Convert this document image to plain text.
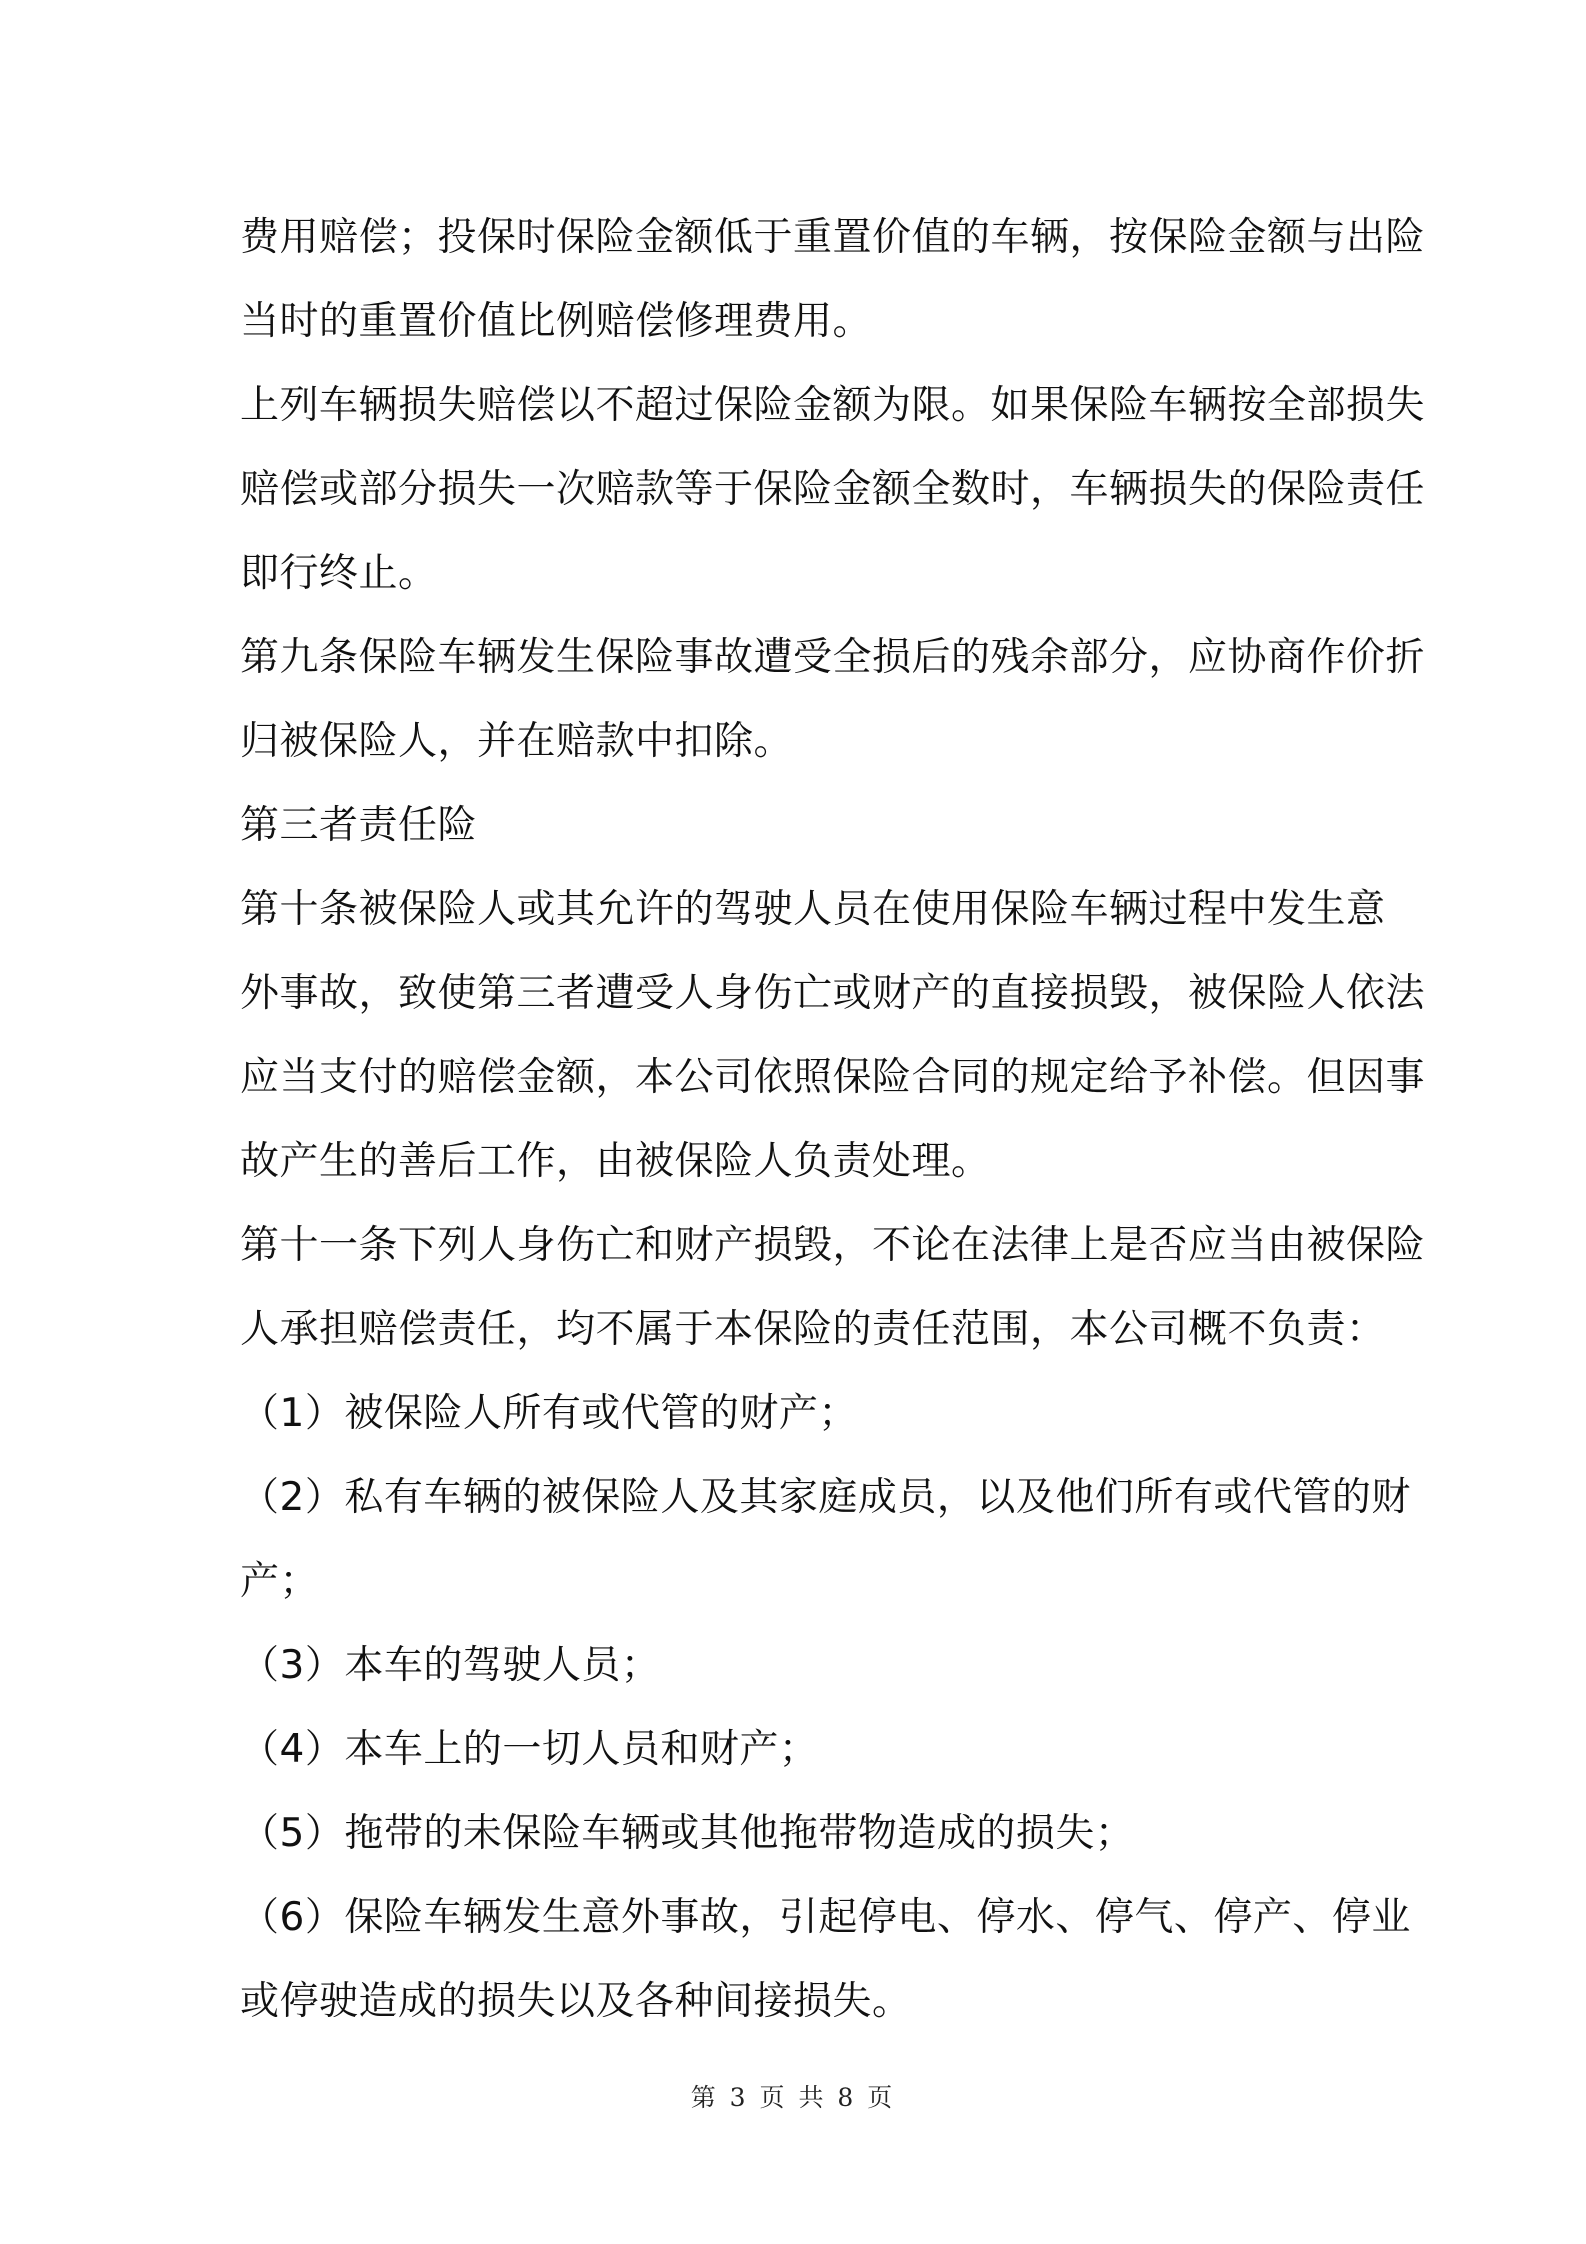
费用赔偿；投保时保险金额低于重置价值的车辆，按保险金额与出险
当时的重置价值比例赔偿修理费用。
上列车辆损失赔偿以不超过保险金额为限。如果保险车辆按全部损失
赔偿或部分损失一次赔款等于保险金额全数时，车辆损失的保险责任
即行终止。
第九条保险车辆发生保险事故遭受全损后的残余部分，应协商作价折
归被保险人，并在赔款中扣除。
第三者责任险
第十条被保险人或其允许的驾驶人员在使用保险车辆过程中发生意
外事故，致使第三者遭受人身伤亡或财产的直接损毁，被保险人依法
应当支付的赔偿金额，本公司依照保险合同的规定给予补偿。但因事
故产生的善后工作，由被保险人负责处理。
第十一条下列人身伤亡和财产损毁，不论在法律上是否应当由被保险
人承担赔偿责任，均不属于本保险的责任范围，本公司概不负责：
（1）被保险人所有或代管的财产；
（2）私有车辆的被保险人及其家庭成员，以及他们所有或代管的财
产；
（3）本车的驾驶人员；
（4）本车上的一切人员和财产；
（5）拖带的未保险车辆或其他拖带物造成的损失；
（6）保险车辆发生意外事故，引起停电、停水、停气、停产、停业
或停驶造成的损失以及各种间接损失。
第 3 页 共 8 页
